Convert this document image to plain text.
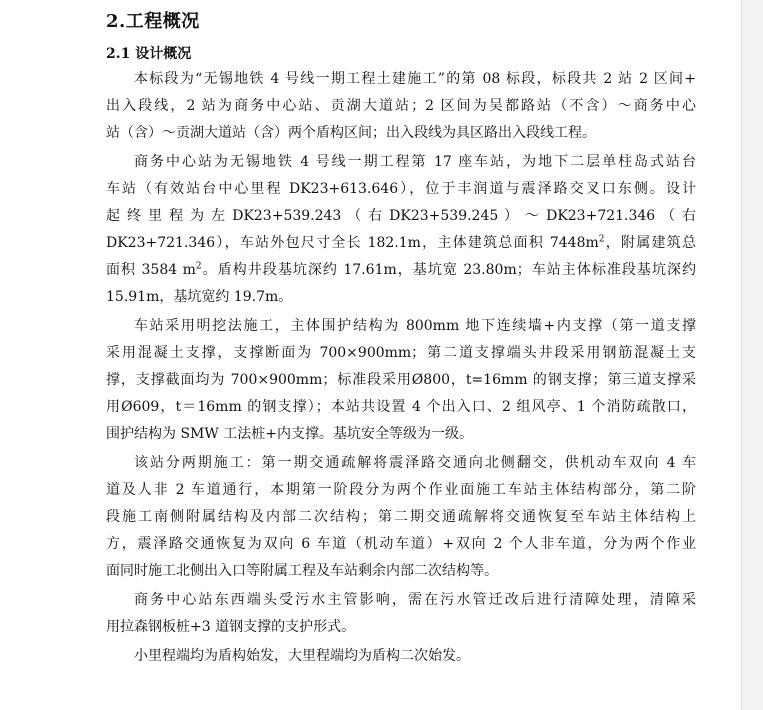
2.工程概况
2.1 设计概况
本标段为“无锡地铁 4 号线一期工程土建施工”的第 08 标段，标段共 2 站 2 区间+
出入段线，2 站为商务中心站、贡湖大道站；2 区间为吴都路站（不含）～商务中心
站（含）～贡湖大道站（含）两个盾构区间；出入段线为具区路出入段线工程。
商务中心站为无锡地铁 4 号线一期工程第 17 座车站，为地下二层单柱岛式站台
车站（有效站台中心里程 DK23+613.646），位于丰润道与震泽路交叉口东侧。设计
起 终 里 程 为 左 DK23+539.243 （ 右 DK23+539.245 ） ～ DK23+721.346 （ 右
DK23+721.346），车站外包尺寸全长 182.1m，主体建筑总面积 $7448m^2$，附属建筑总
面积 3584 $m^2$。盾构井段基坑深约 17.61m，基坑宽 23.80m；车站主体标准段基坑深约
15.91m，基坑宽约 19.7m。
车站采用明挖法施工，主体围护结构为 800mm 地下连续墙+内支撑（第一道支撑
采用混凝土支撑，支撑断面为 700×900mm；第二道支撑端头井段采用钢筋混凝土支
撑，支撑截面均为 700×900mm；标准段采用Ø800，t=16mm 的钢支撑；第三道支撑采
用Ø609，t＝16mm 的钢支撑）；本站共设置 4 个出入口、2 组风亭、1 个消防疏散口，
围护结构为 SMW 工法桩+内支撑。基坑安全等级为一级。
该站分两期施工：第一期交通疏解将震泽路交通向北侧翻交，供机动车双向 4 车
道及人非 2 车道通行，本期第一阶段分为两个作业面施工车站主体结构部分，第二阶
段施工南侧附属结构及内部二次结构；第二期交通疏解将交通恢复至车站主体结构上
方，震泽路交通恢复为双向 6 车道（机动车道）+双向 2 个人非车道，分为两个作业
面同时施工北侧出入口等附属工程及车站剩余内部二次结构等。
商务中心站东西端头受污水主管影响，需在污水管迁改后进行清障处理，清障采
用拉森钢板桩+3 道钢支撑的支护形式。
小里程端均为盾构始发，大里程端均为盾构二次始发。
